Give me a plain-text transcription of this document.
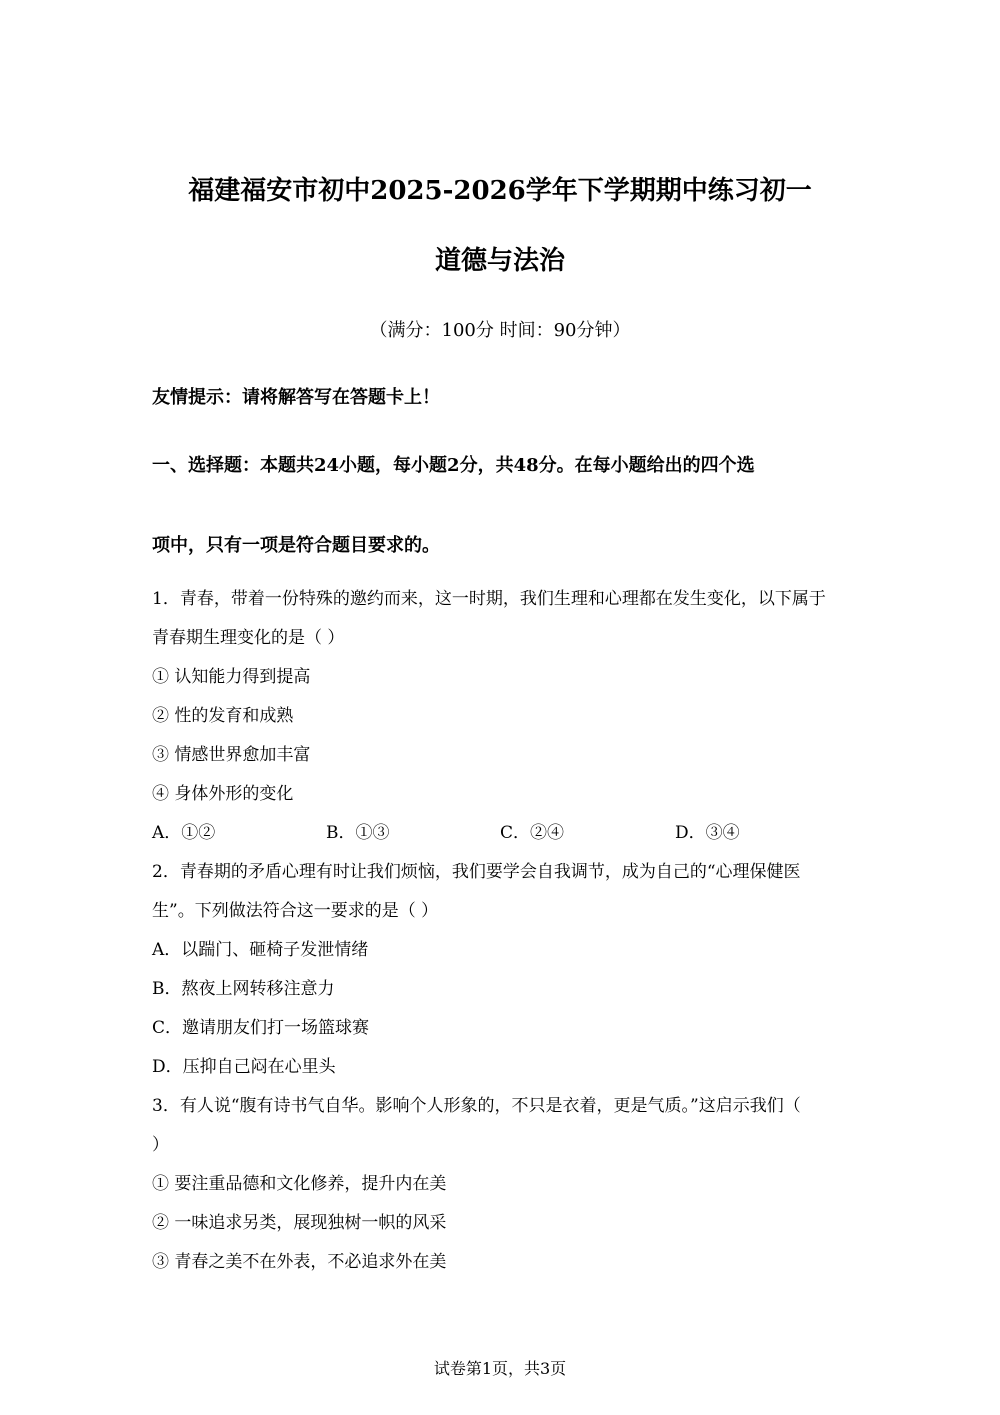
福建福安市初中2025-2026学年下学期期中练习初一
道德与法治
（满分：100分 时间：90分钟）
友情提示：请将解答写在答题卡上！
一、选择题：本题共24小题，每小题2分，共48分。在每小题给出的四个选
项中，只有一项是符合题目要求的。
1．青春，带着一份特殊的邀约而来，这一时期，我们生理和心理都在发生变化，以下属于
青春期生理变化的是（ ）
① 认知能力得到提高
② 性的发育和成熟
③ 情感世界愈加丰富
④ 身体外形的变化
A．①②	B．①③	C．②④	D．③④
2．青春期的矛盾心理有时让我们烦恼，我们要学会自我调节，成为自己的“心理保健医
生”。下列做法符合这一要求的是（ ）
A．以踹门、砸椅子发泄情绪
B．熬夜上网转移注意力
C．邀请朋友们打一场篮球赛
D．压抑自己闷在心里头
3．有人说“腹有诗书气自华。影响个人形象的，不只是衣着，更是气质。”这启示我们（
）
① 要注重品德和文化修养，提升内在美
② 一味追求另类，展现独树一帜的风采
③ 青春之美不在外表，不必追求外在美
试卷第1页，共3页
